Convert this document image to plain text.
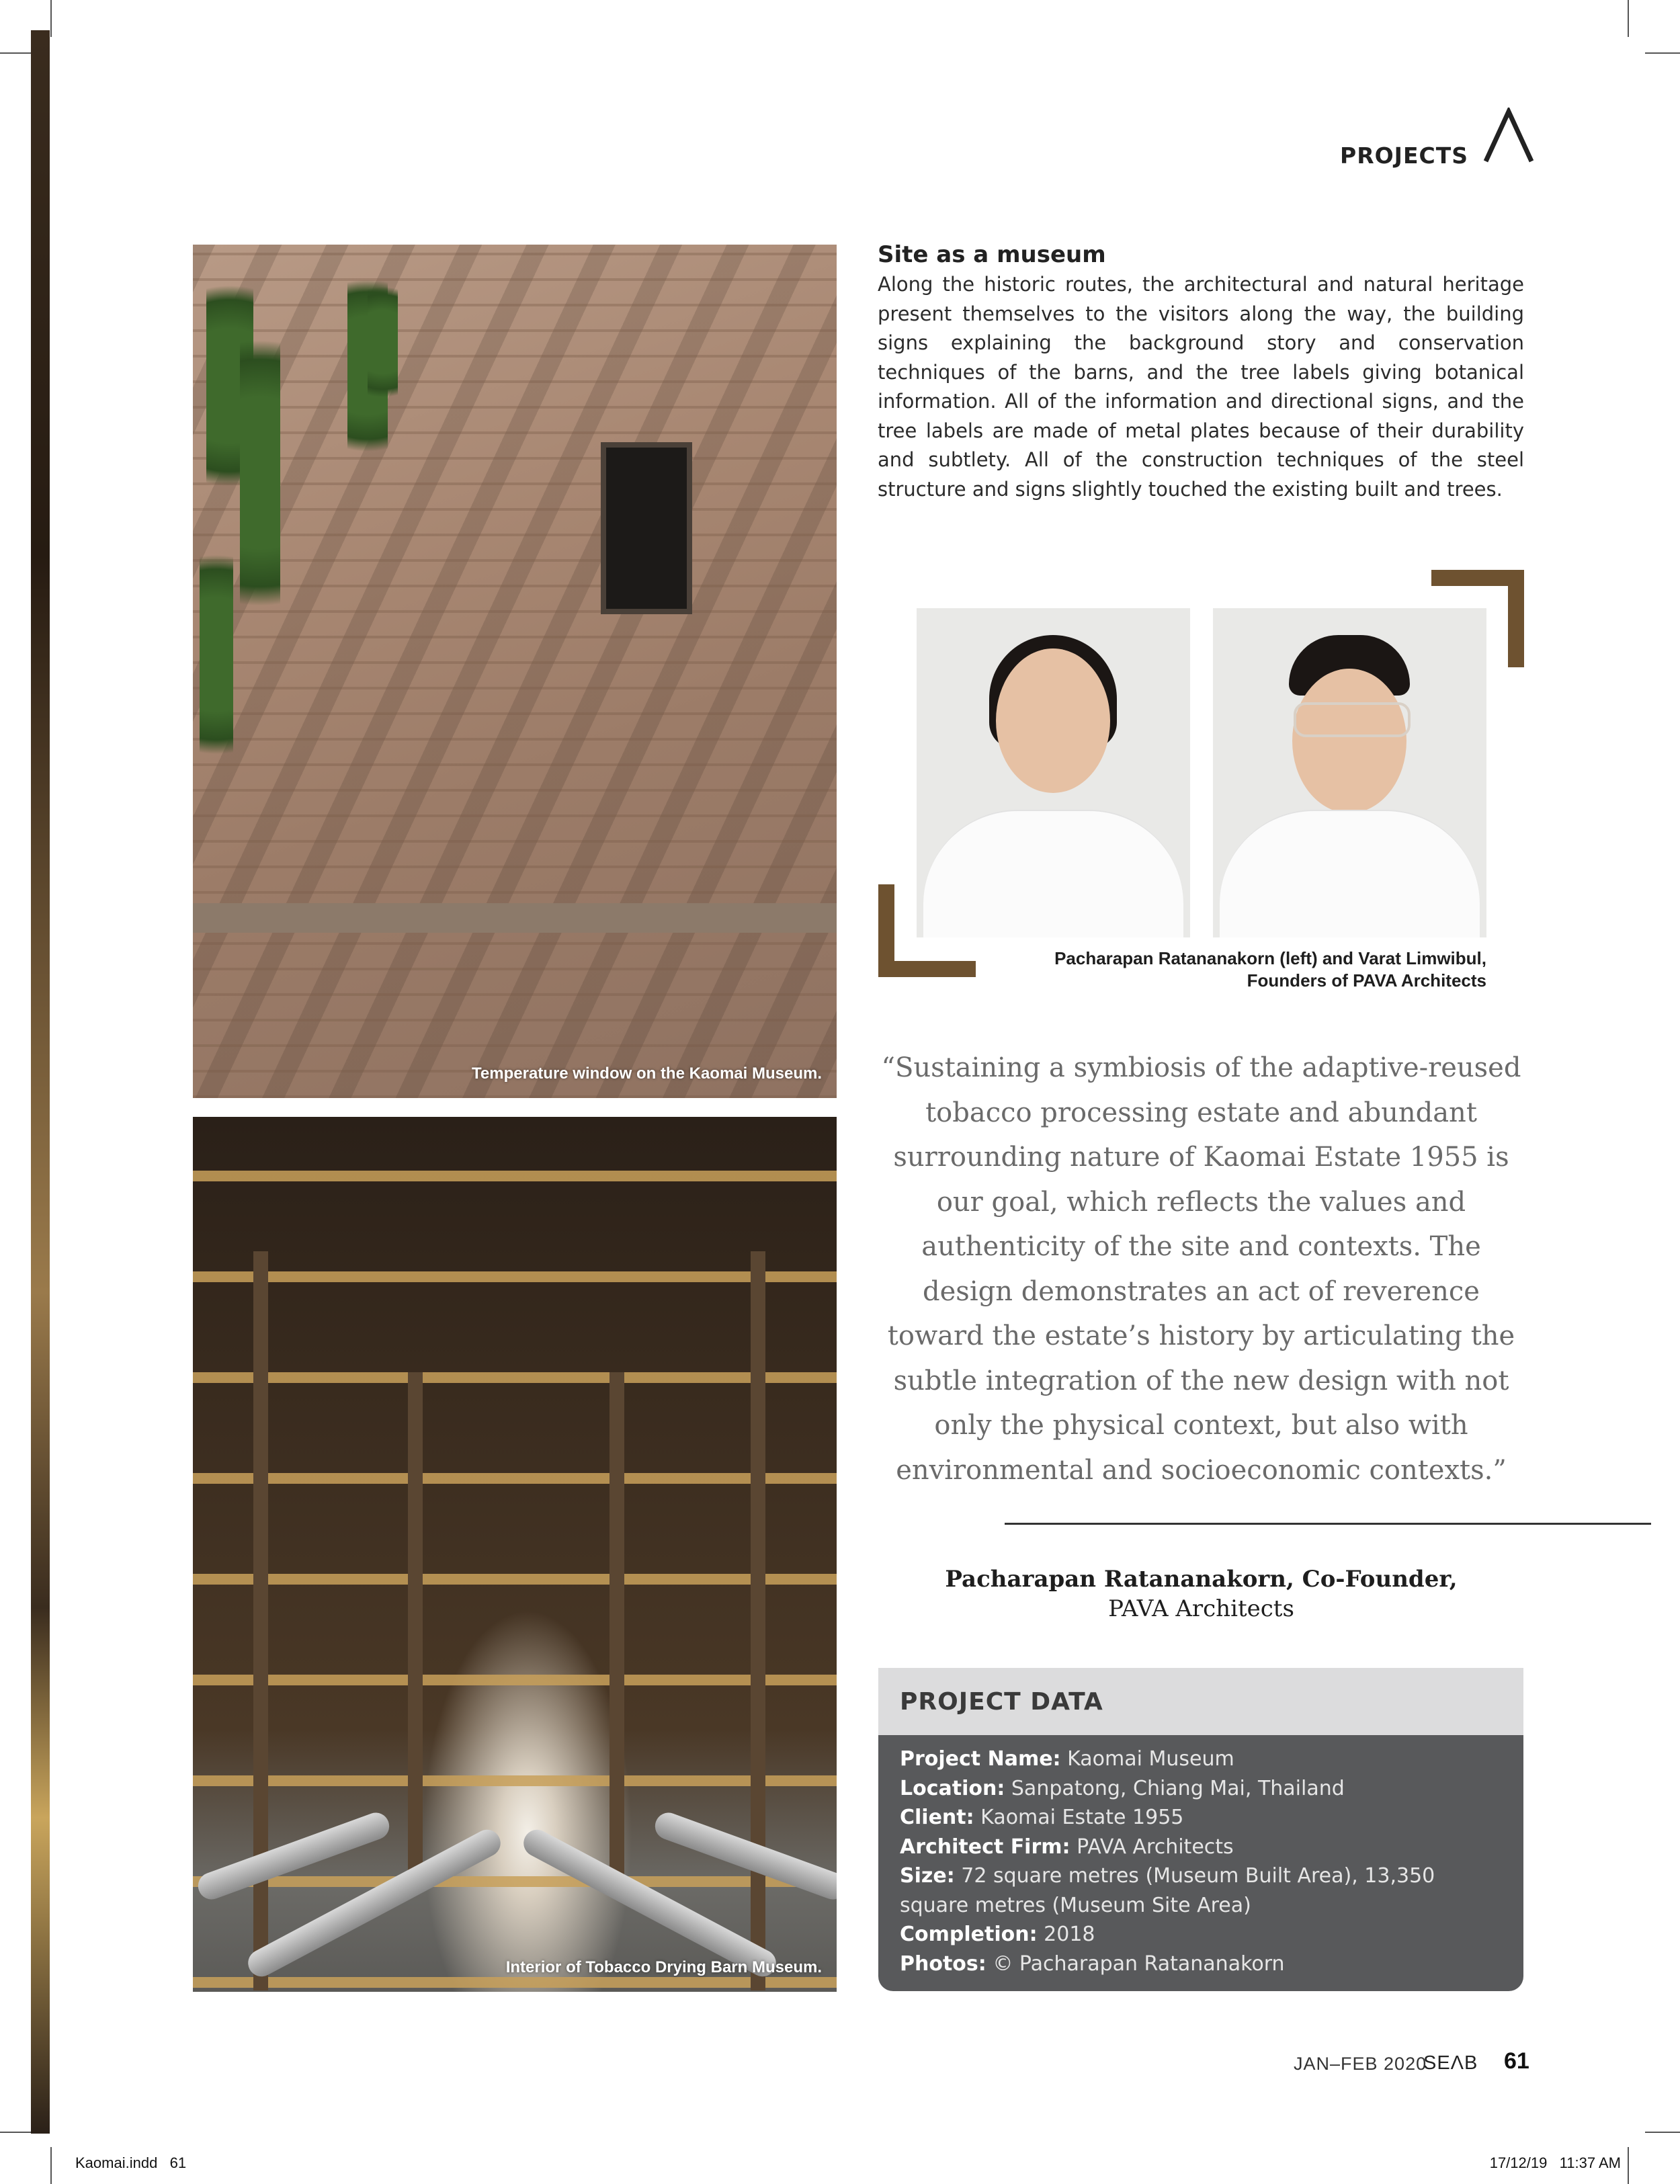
PROJECTS
Temperature window on the Kaomai Museum.
Interior of Tobacco Drying Barn Museum.
Site as a museum
Along the historic routes, the architectural and natural heritage present themselves to the visitors along the way, the building signs explaining the background story and conservation techniques of the barns, and the tree labels giving botanical information. All of the information and directional signs, and the tree labels are made of metal plates because of their durability and subtlety. All of the construction techniques of the steel structure and signs slightly touched the existing built and trees.
Pacharapan Ratananakorn (left) and Varat Limwibul,
Founders of PAVA Architects
“Sustaining a symbiosis of the adaptive-reused tobacco processing estate and abundant surrounding nature of Kaomai Estate 1955 is our goal, which reflects the values and authenticity of the site and contexts. The design demonstrates an act of reverence toward the estate’s history by articulating the subtle integration of the new design with not only the physical context, but also with environmental and socioeconomic contexts.”
Pacharapan Ratananakorn, Co-Founder,
PAVA Architects
PROJECT DATA
Project Name: Kaomai Museum
Location: Sanpatong, Chiang Mai, Thailand
Client: Kaomai Estate 1955
Architect Firm: PAVA Architects
Size: 72 square metres (Museum Built Area), 13,350 square metres (Museum Site Area)
Completion: 2018
Photos: © Pacharapan Ratananakorn
JAN–FEB 2020
SEΛB 61
Kaomai.indd   61	17/12/19   11:37 AM
